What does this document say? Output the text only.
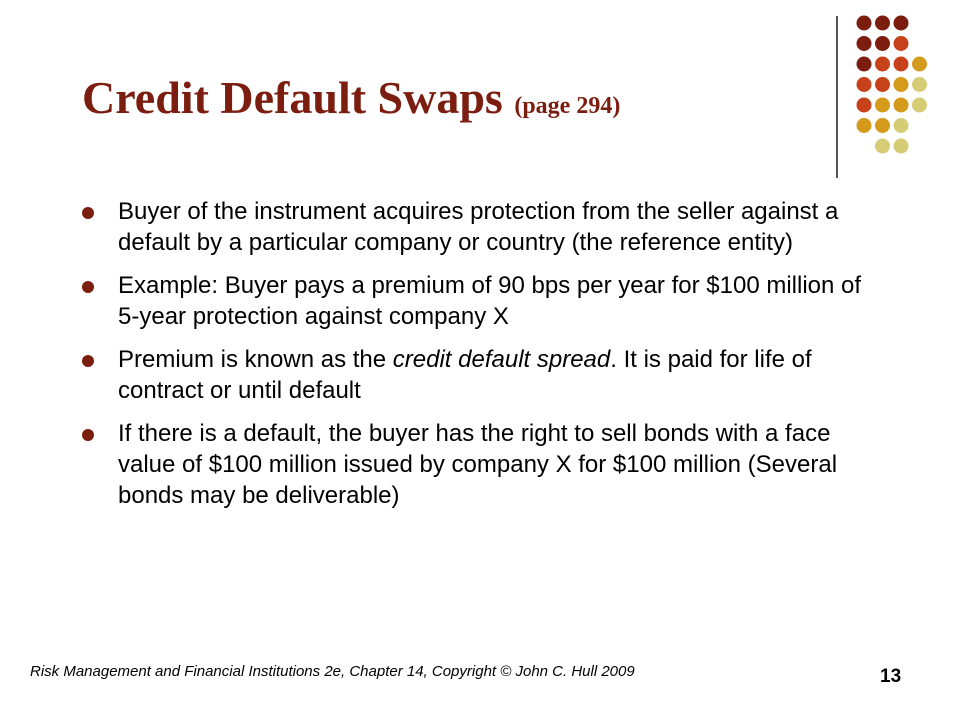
Credit Default Swaps (page 294)
Buyer of the instrument acquires protection from the seller against a default by a particular company or country (the reference entity)
Example: Buyer pays a premium of 90 bps per year for $100 million of 5-year protection against company X
Premium is known as the credit default spread. It is paid for life of contract or until default
If there is a default, the buyer has the right to sell bonds with a face value of $100 million issued by company X for $100 million (Several bonds may be deliverable)
Risk Management and Financial Institutions 2e, Chapter 14, Copyright © John C. Hull 2009	13
